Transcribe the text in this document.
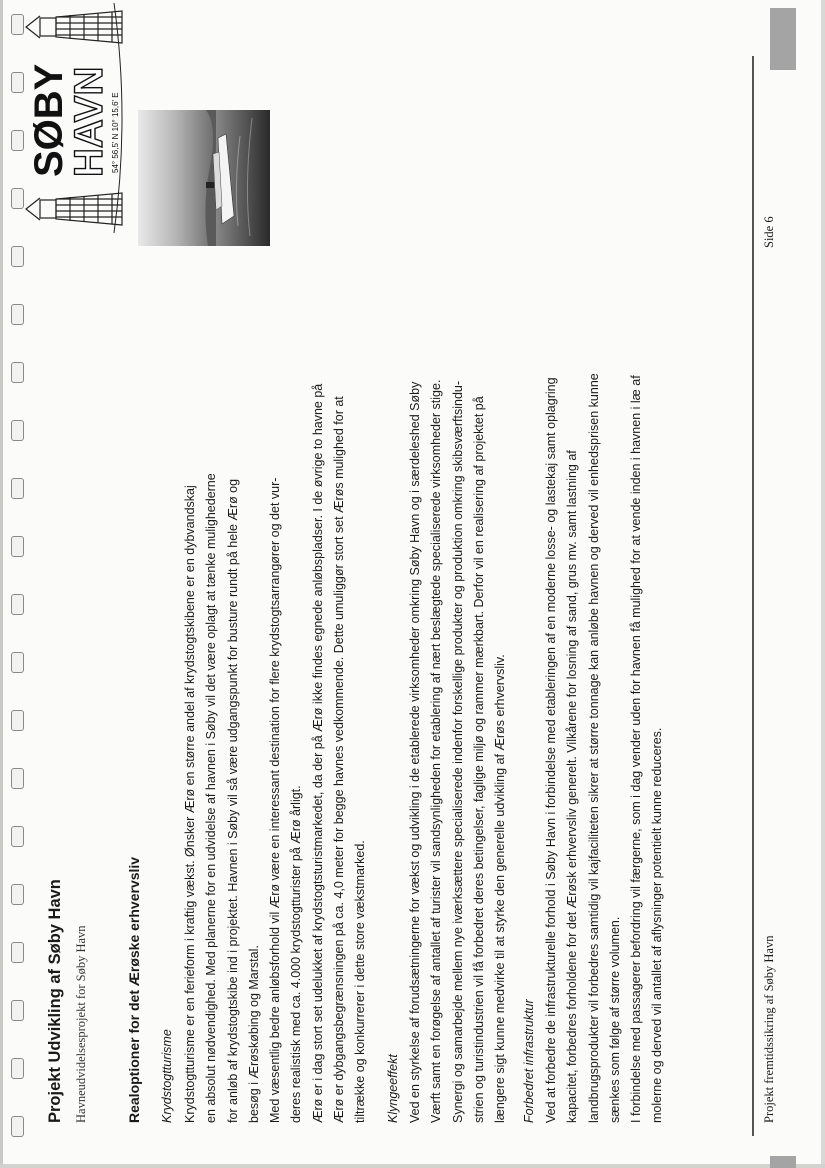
Projekt Udvikling af Søby Havn Havneudvidelsesprojekt for Søby Havn	Realoptioner for det Ærøske erhvervsliv Krydstogtturisme Krydstogtturisme er en ferieform i kraftig vækst. Ønsker Ærø en større andel af krydstogtskibene er en dybvandskaj en absolut nødvendighed. Med planerne for en udvidelse af havnen i Søby vil det være oplagt at tænke mulighederne for anløb af krydstogtskibe ind i projektet. Havnen i Søby vil så være udgangspunkt for busture rundt på hele Ærø og besøg i Ærøskøbing og Marstal. Med væsentlig bedre anløbsforhold vil Ærø være en interessant destination for flere krydstogtsarrangører og det vur- deres realistisk med ca. 4.000 krydstogtturister på Ærø årligt. Ærø er i dag stort set udelukket af krydstogtsturistmarkedet, da der på Ærø ikke findes egnede anløbspladser. I de øvrige to havne på Ærø er dybgangsbegrænsningen på ca. 4,0 meter for begge havnes vedkommende. Dette umuliggør stort set Ærøs mulighed for at tiltrække og konkurrerer i dette store vækstmarked.	Klyngeeffekt Ved en styrkelse af forudsætningerne for vækst og udvikling i de etablerede virksomheder omkring Søby Havn og i særdeleshed Søby Værft samt en forøgelse af antallet af turister vil sandsynligheden for etablering af nært beslægtede specialiserede virksomheder stige. Synergi og samarbejde mellem nye iværksættere specialiserede indenfor forskellige produkter og produktion omkring skibsværftsindu- strien og turistindustrien vil få forbedret deres betingelser, faglige miljø og rammer mærkbart. Derfor vil en realisering af projektet på længere sigt kunne medvirke til at styrke den generelle udvikling af Ærøs erhvervsliv.	Forbedret infrastruktur Ved at forbedre de infrastrukturelle forhold i Søby Havn i forbindelse med etableringen af en moderne losse- og lastekaj samt oplagring kapacitet, forbedres forholdene for det Ærøsk erhvervsliv generelt. Vilkårene for losning af sand, grus mv. samt lastning af landbrugsprodukter vil forbedres samtidig vil kajfaciliteten sikrer at større tonnage kan anløbe havnen og derved vil enhedsprisen kunne sænkes som følge af større volumen. I forbindelse med passagerer befordring vil færgerne, som i dag vender uden for havnen få mulighed for at vende inden i havnen i læ af molerne og derved vil antallet af aflysninger potentielt kunne reduceres.
SØBY
HAVN 54° 56,5' N 10° 15,6' E
Projekt fremtidssikring af Søby Havn
Side 6
